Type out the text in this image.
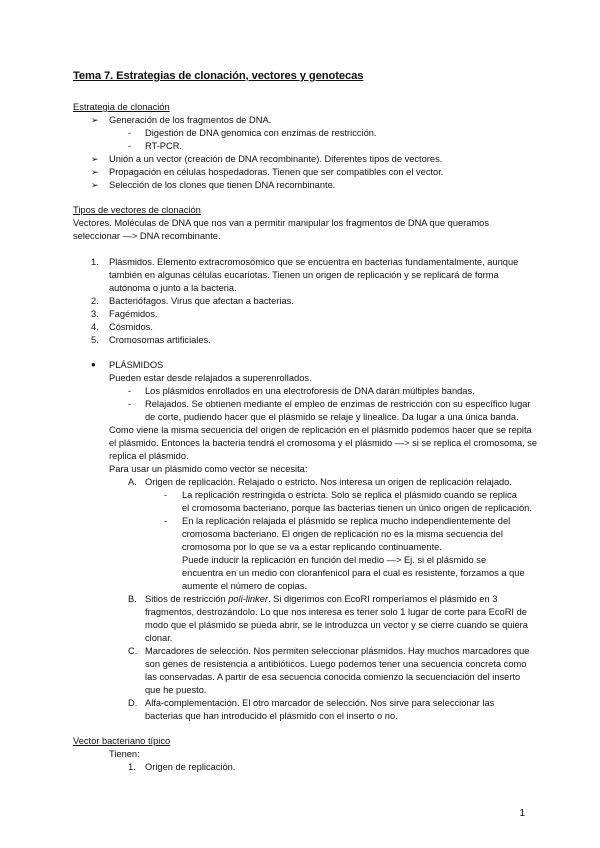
Tema 7. Estrategias de clonación, vectores y genotecas
Estrategia de clonación
➢ Generación de los fragmentos de DNA.
- Digestión de DNA genomica con enzimas de restricción.
- RT-PCR.
➢ Unión a un vector (creación de DNA recombinante). Diferentes tipos de vectores.
➢ Propagación en células hospedadoras. Tienen que ser compatibles con el vector.
➢ Selección de los clones que tienen DNA recombinante.
Tipos de vectores de clonación
Vectores. Moléculas de DNA que nos van a permitir manipular los fragmentos de DNA que queramos
seleccionar —> DNA recombinante.
1. Plásmidos. Elemento extracromosómico que se encuentra en bacterias fundamentalmente, aunque
también en algunas células eucariotas. Tienen un origen de replicación y se replicará de forma
autónoma o junto a la bacteria.
2. Bacteriófagos. Virus que afectan a bacterias.
3. Fagémidos.
4. Cósmidos.
5. Cromosomas artificiales.
● PLÁSMIDOS
Pueden estar desde relajados a superenrollados.
- Los plásmidos enrollados en una electroforesis de DNA darán múltiples bandas.
- Relajados. Se obtienen mediante el empleo de enzimas de restricción con su específico lugar
de corte, pudiendo hacer que el plásmido se relaje y linealice. Da lugar a una única banda.
Como viene la misma secuencia del origen de replicación en el plásmido podemos hacer que se repita
el plásmido. Entonces la bacteria tendrá el cromosoma y el plásmido —> si se replica el cromosoma, se
replica el plásmido.
Para usar un plásmido como vector se necesita:
A. Origen de replicación. Relajado o estricto. Nos interesa un origen de replicación relajado.
- La replicación restringida o estricta. Solo se replica el plásmido cuando se replica
el cromosoma bacteriano, porque las bacterias tienen un único origen de replicación.
- En la replicación relajada el plásmido se replica mucho independientemente del
cromosoma bacteriano. El origen de replicación no es la misma secuencia del
cromosoma por lo que se va a estar replicando continuamente.
Puede inducir la replicación en función del medio —> Ej. si el plásmido se
encuentra en un medio con cloranfenicol para el cual es resistente, forzamos a que
aumente el número de copias.
B. Sitios de restricción poli-linker. Si digerimos con EcoRI romperíamos el plásmido en 3
fragmentos, destrozándolo. Lo que nos interesa es tener solo 1 lugar de corte para EcoRI de
modo que el plásmido se pueda abrir, se le introduzca un vector y se cierre cuando se quiera
clonar.
C. Marcadores de selección. Nos permiten seleccionar plásmidos. Hay muchos marcadores que
son genes de resistencia a antibióticos. Luego podemos tener una secuencia concreta como
las conservadas. A partir de esa secuencia conocida comienzo la secuenciación del inserto
que he puesto.
D. Alfa-complementación. El otro marcador de selección. Nos sirve para seleccionar las
bacterias que han introducido el plásmido con el inserto o no.
Vector bacteriano típico
Tienen:
1. Origen de replicación.
1
